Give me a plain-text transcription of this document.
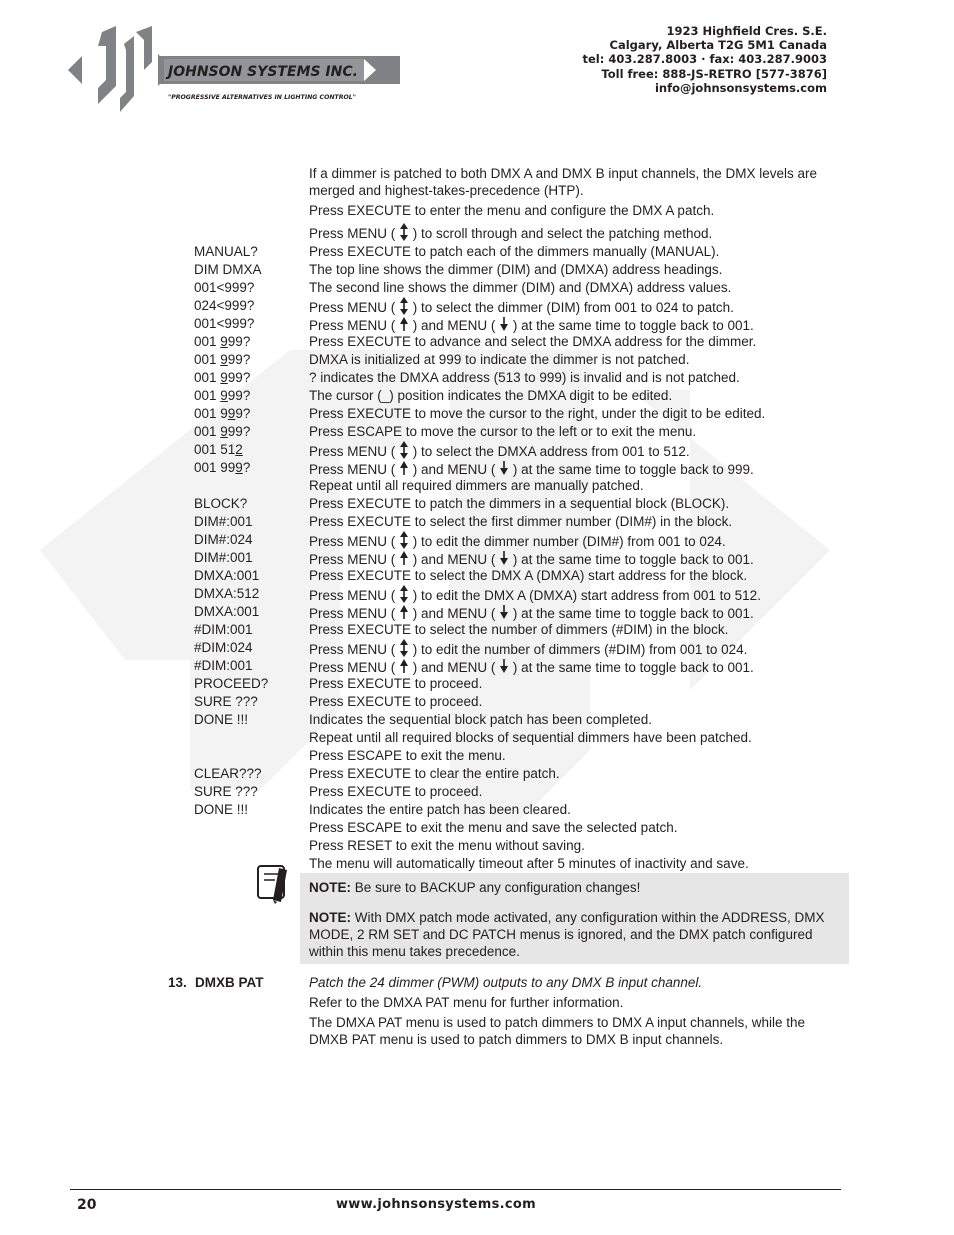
JOHNSON SYSTEMS INC.
"PROGRESSIVE ALTERNATIVES IN LIGHTING CONTROL"
1923 Highfield Cres. S.E.
Calgary, Alberta T2G 5M1 Canada
tel: 403.287.8003 · fax: 403.287.9003
Toll free: 888-JS-RETRO [577-3876]
info@johnsonsystems.com
If a dimmer is patched to both DMX A and DMX B input channels, the DMX levels are
merged and highest-takes-precedence (HTP).
Press EXECUTE to enter the menu and configure the DMX A patch.
Press MENU ( ) to scroll through and select the patching method.
MANUAL?	Press EXECUTE to patch each of the dimmers manually (MANUAL).
DIM DMXA	The top line shows the dimmer (DIM) and (DMXA) address headings.
001<999?	The second line shows the dimmer (DIM) and (DMXA) address values.
024<999?	Press MENU ( ) to select the dimmer (DIM) from 001 to 024 to patch.
001<999?	Press MENU ( ) and MENU ( ) at the same time to toggle back to 001.
001 999?	Press EXECUTE to advance and select the DMXA address for the dimmer.
001 999?	DMXA is initialized at 999 to indicate the dimmer is not patched.
001 999?	? indicates the DMXA address (513 to 999) is invalid and is not patched.
001 999?	The cursor (_) position indicates the DMXA digit to be edited.
001 999?	Press EXECUTE to move the cursor to the right, under the digit to be edited.
001 999?	Press ESCAPE to move the cursor to the left or to exit the menu.
001 512	Press MENU ( ) to select the DMXA address from 001 to 512.
001 999?	Press MENU ( ) and MENU ( ) at the same time to toggle back to 999.
Repeat until all required dimmers are manually patched.
BLOCK?	Press EXECUTE to patch the dimmers in a sequential block (BLOCK).
DIM#:001	Press EXECUTE to select the first dimmer number (DIM#) in the block.
DIM#:024	Press MENU ( ) to edit the dimmer number (DIM#) from 001 to 024.
DIM#:001	Press MENU ( ) and MENU ( ) at the same time to toggle back to 001.
DMXA:001	Press EXECUTE to select the DMX A (DMXA) start address for the block.
DMXA:512	Press MENU ( ) to edit the DMX A (DMXA) start address from 001 to 512.
DMXA:001	Press MENU ( ) and MENU ( ) at the same time to toggle back to 001.
#DIM:001	Press EXECUTE to select the number of dimmers (#DIM) in the block.
#DIM:024	Press MENU ( ) to edit the number of dimmers (#DIM) from 001 to 024.
#DIM:001	Press MENU ( ) and MENU ( ) at the same time to toggle back to 001.
PROCEED?	Press EXECUTE to proceed.
SURE ???	Press EXECUTE to proceed.
DONE !!!	Indicates the sequential block patch has been completed.
Repeat until all required blocks of sequential dimmers have been patched.
Press ESCAPE to exit the menu.
CLEAR???	Press EXECUTE to clear the entire patch.
SURE ???	Press EXECUTE to proceed.
DONE !!!	Indicates the entire patch has been cleared.
Press ESCAPE to exit the menu and save the selected patch.
Press RESET to exit the menu without saving.
The menu will automatically timeout after 5 minutes of inactivity and save.
NOTE: Be sure to BACKUP any configuration changes!
NOTE: With DMX patch mode activated, any configuration within the ADDRESS, DMX MODE, 2 RM SET and DC PATCH menus is ignored, and the DMX patch configured within this menu takes precedence.
13. DMXB PAT	Patch the 24 dimmer (PWM) outputs to any DMX B input channel.
Refer to the DMXA PAT menu for further information.
The DMXA PAT menu is used to patch dimmers to DMX A input channels, while the
DMXB PAT menu is used to patch dimmers to DMX B input channels.
20	www.johnsonsystems.com
